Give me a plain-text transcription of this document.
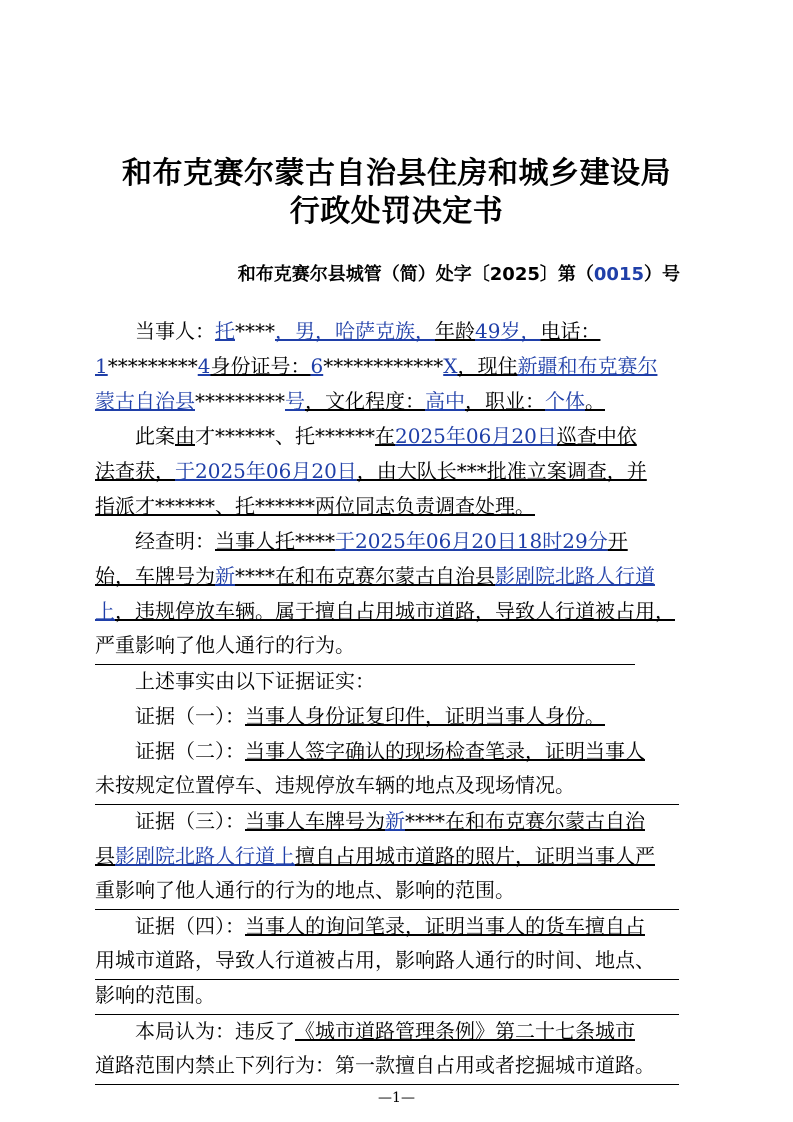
和布克赛尔蒙古自治县住房和城乡建设局
行政处罚决定书
和布克赛尔县城管（简）处字〔2025〕第（0015）号
　　当事人：托****，男，哈萨克族，年龄49岁，电话：
1*********4身份证号：6************X，现住新疆和布克赛尔
蒙古自治县*********号，文化程度：高中，职业：个体。
　　此案由才******、托******在2025年06月20日巡查中依
法查获，于2025年06月20日，由大队长***批准立案调查，并
指派才******、托******两位同志负责调查处理。
　　经查明：当事人托****于2025年06月20日18时29分开
始，车牌号为新****在和布克赛尔蒙古自治县影剧院北路人行道
上，违规停放车辆。属于擅自占用城市道路，导致人行道被占用，
严重影响了他人通行的行为。
　　上述事实由以下证据证实：
　　证据（一）：当事人身份证复印件，证明当事人身份。
　　证据（二）：当事人签字确认的现场检查笔录，证明当事人
未按规定位置停车、违规停放车辆的地点及现场情况。
　　证据（三）：当事人车牌号为新****在和布克赛尔蒙古自治
县影剧院北路人行道上擅自占用城市道路的照片，证明当事人严
重影响了他人通行的行为的地点、影响的范围。
　　证据（四）：当事人的询问笔录，证明当事人的货车擅自占
用城市道路，导致人行道被占用，影响路人通行的时间、地点、
影响的范围。
　　本局认为：违反了《城市道路管理条例》第二十七条城市
—1—
道路范围内禁止下列行为：第一款擅自占用或者挖掘城市道路。
